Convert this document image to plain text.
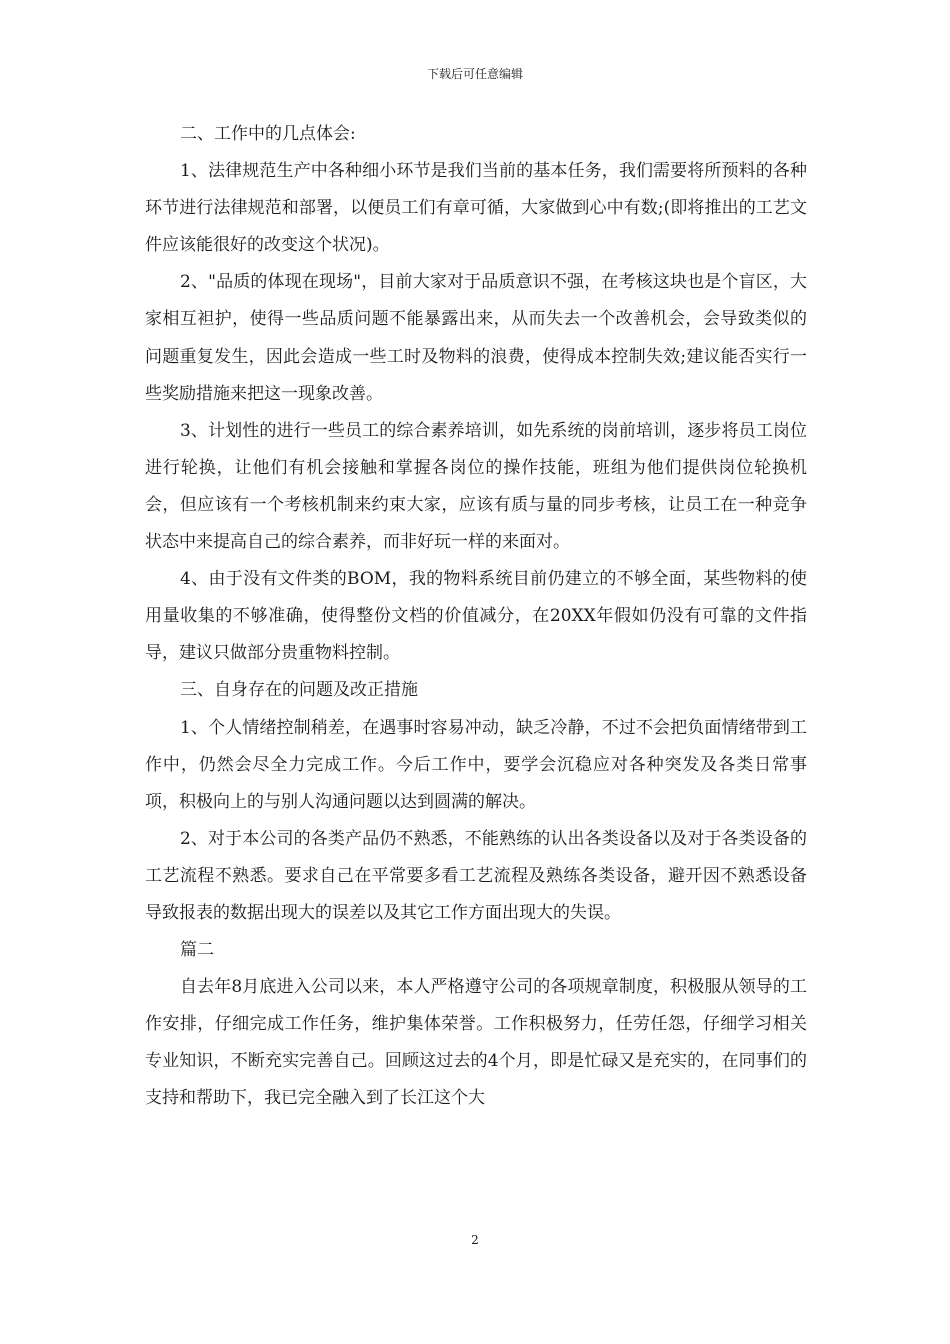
下载后可任意编辑

二、工作中的几点体会:

1、法律规范生产中各种细小环节是我们当前的基本任务，我们需要将所预料的各种环节进行法律规范和部署，以便员工们有章可循，大家做到心中有数;(即将推出的工艺文件应该能很好的改变这个状况)。

2、"品质的体现在现场"，目前大家对于品质意识不强，在考核这块也是个盲区，大家相互袒护，使得一些品质问题不能暴露出来，从而失去一个改善机会，会导致类似的问题重复发生，因此会造成一些工时及物料的浪费，使得成本控制失效;建议能否实行一些奖励措施来把这一现象改善。

3、计划性的进行一些员工的综合素养培训，如先系统的岗前培训，逐步将员工岗位进行轮换，让他们有机会接触和掌握各岗位的操作技能，班组为他们提供岗位轮换机会，但应该有一个考核机制来约束大家，应该有质与量的同步考核，让员工在一种竞争状态中来提高自己的综合素养，而非好玩一样的来面对。

4、由于没有文件类的BOM，我的物料系统目前仍建立的不够全面，某些物料的使用量收集的不够准确，使得整份文档的价值减分，在20XX年假如仍没有可靠的文件指导，建议只做部分贵重物料控制。

三、自身存在的问题及改正措施

1、个人情绪控制稍差，在遇事时容易冲动，缺乏冷静，不过不会把负面情绪带到工作中，仍然会尽全力完成工作。今后工作中，要学会沉稳应对各种突发及各类日常事项，积极向上的与别人沟通问题以达到圆满的解决。

2、对于本公司的各类产品仍不熟悉，不能熟练的认出各类设备以及对于各类设备的工艺流程不熟悉。要求自己在平常要多看工艺流程及熟练各类设备，避开因不熟悉设备导致报表的数据出现大的误差以及其它工作方面出现大的失误。

篇二

自去年8月底进入公司以来，本人严格遵守公司的各项规章制度，积极服从领导的工作安排，仔细完成工作任务，维护集体荣誉。工作积极努力，任劳任怨，仔细学习相关专业知识，不断充实完善自己。回顾这过去的4个月，即是忙碌又是充实的，在同事们的支持和帮助下，我已完全融入到了长江这个大

2
